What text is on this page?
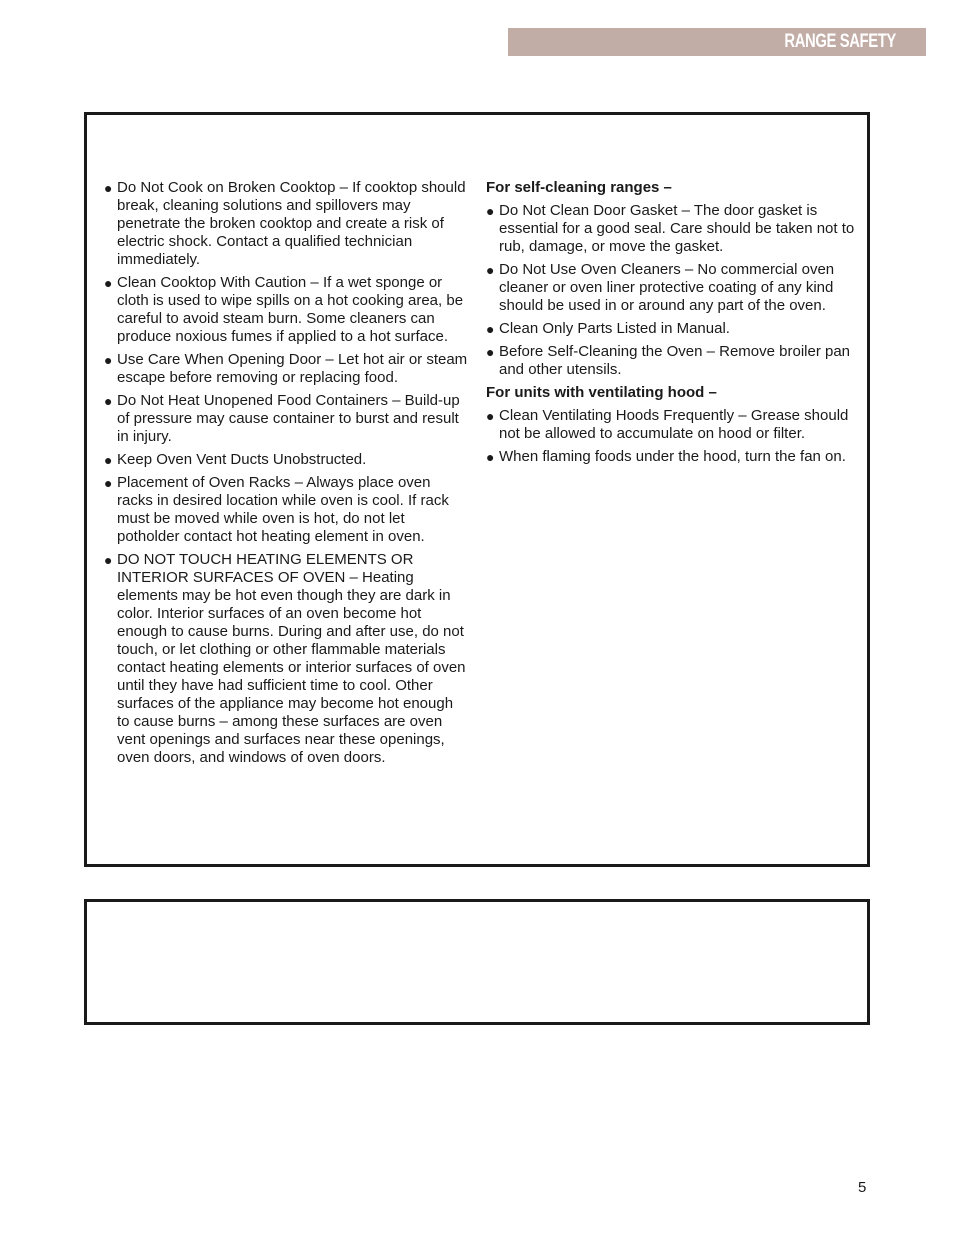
RANGE SAFETY
● Do Not Cook on Broken Cooktop – If cooktop should break, cleaning solutions and spillovers may penetrate the broken cooktop and create a risk of electric shock. Contact a qualified technician immediately.
● Clean Cooktop With Caution – If a wet sponge or cloth is used to wipe spills on a hot cooking area, be careful to avoid steam burn. Some cleaners can produce noxious fumes if applied to a hot surface.
● Use Care When Opening Door – Let hot air or steam escape before removing or replacing food.
● Do Not Heat Unopened Food Containers – Build-up of pressure may cause container to burst and result in injury.
● Keep Oven Vent Ducts Unobstructed.
● Placement of Oven Racks – Always place oven racks in desired location while oven is cool. If rack must be moved while oven is hot, do not let potholder contact hot heating element in oven.
● DO NOT TOUCH HEATING ELEMENTS OR INTERIOR SURFACES OF OVEN – Heating elements may be hot even though they are dark in color. Interior surfaces of an oven become hot enough to cause burns. During and after use, do not touch, or let clothing or other flammable materials contact heating elements or interior surfaces of oven until they have had sufficient time to cool. Other surfaces of the appliance may become hot enough to cause burns – among these surfaces are oven vent openings and surfaces near these openings, oven doors, and windows of oven doors.
For self-cleaning ranges –
● Do Not Clean Door Gasket – The door gasket is essential for a good seal. Care should be taken not to rub, damage, or move the gasket.
● Do Not Use Oven Cleaners – No commercial oven cleaner or oven liner protective coating of any kind should be used in or around any part of the oven.
● Clean Only Parts Listed in Manual.
● Before Self-Cleaning the Oven – Remove broiler pan and other utensils.
For units with ventilating hood –
● Clean Ventilating Hoods Frequently – Grease should not be allowed to accumulate on hood or filter.
● When flaming foods under the hood, turn the fan on.
5
